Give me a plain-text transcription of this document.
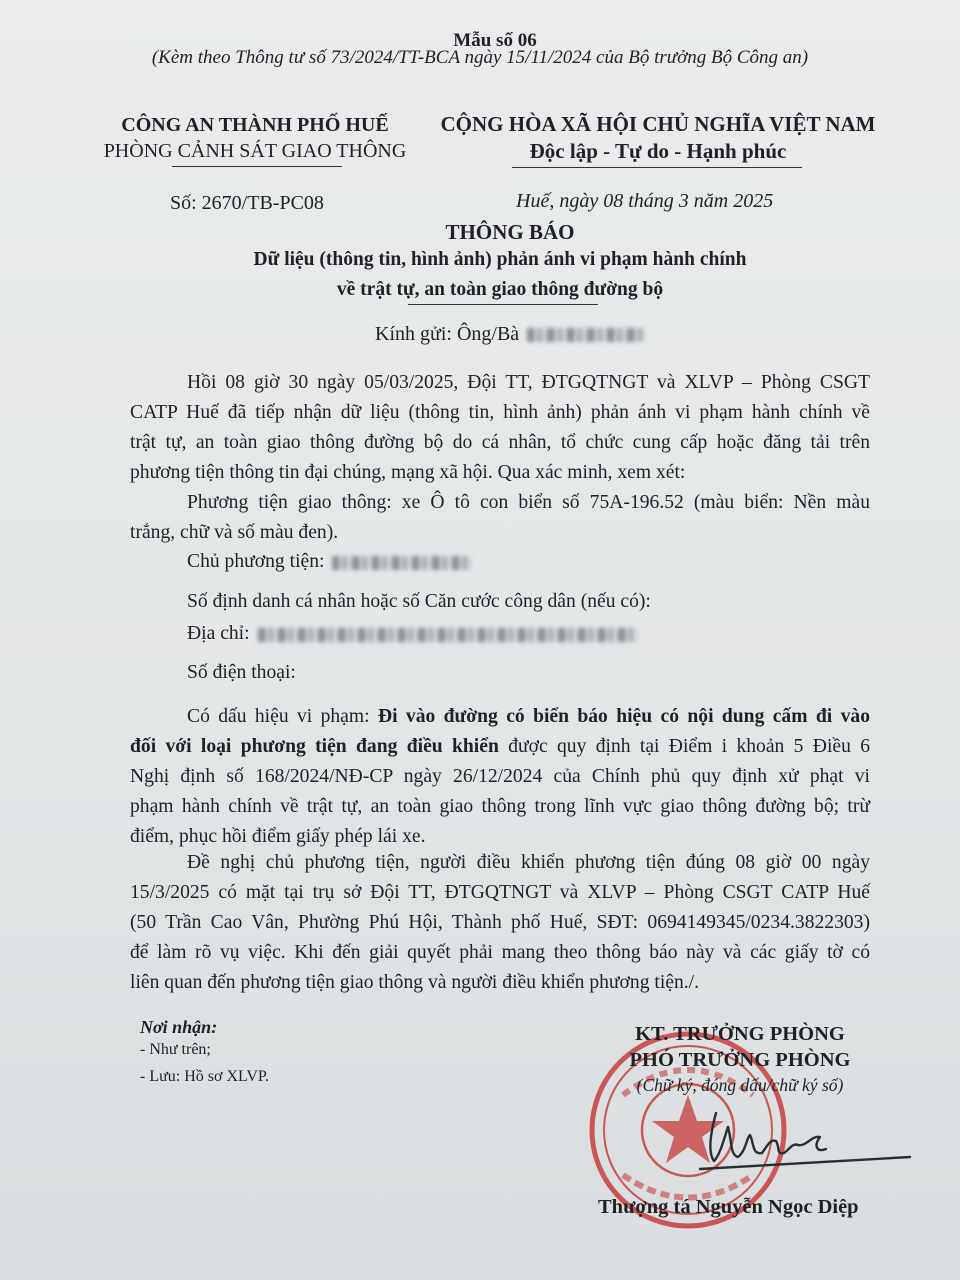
Mẫu số 06
(Kèm theo Thông tư số 73/2024/TT-BCA ngày 15/11/2024 của Bộ trưởng Bộ Công an)
CÔNG AN THÀNH PHỐ HUẾ
PHÒNG CẢNH SÁT GIAO THÔNG
CỘNG HÒA XÃ HỘI CHỦ NGHĨA VIỆT NAM
Độc lập - Tự do - Hạnh phúc
Số: 2670/TB-PC08	Huế, ngày 08 tháng 3 năm 2025
THÔNG BÁO
Dữ liệu (thông tin, hình ảnh) phản ánh vi phạm hành chính
về trật tự, an toàn giao thông đường bộ
Kính gửi: Ông/Bà

Hồi 08 giờ 30 ngày 05/03/2025, Đội TT, ĐTGQTNGT và XLVP – Phòng CSGT

CATP Huế đã tiếp nhận dữ liệu (thông tin, hình ảnh) phản ánh vi phạm hành chính về

trật tự, an toàn giao thông đường bộ do cá nhân, tổ chức cung cấp hoặc đăng tải trên

phương tiện thông tin đại chúng, mạng xã hội. Qua xác minh, xem xét:

Phương tiện giao thông: xe Ô tô con biển số 75A-196.52 (màu biển: Nền màu

trắng, chữ và số màu đen).

Chủ phương tiện:
Số định danh cá nhân hoặc số Căn cước công dân (nếu có):
Địa chỉ:
Số điện thoại:

Có dấu hiệu vi phạm: Đi vào đường có biển báo hiệu có nội dung cấm đi vào

đối với loại phương tiện đang điều khiển được quy định tại Điểm i khoản 5 Điều 6

Nghị định số 168/2024/NĐ-CP ngày 26/12/2024 của Chính phủ quy định xử phạt vi

phạm hành chính về trật tự, an toàn giao thông trong lĩnh vực giao thông đường bộ; trừ

điểm, phục hồi điểm giấy phép lái xe.

Đề nghị chủ phương tiện, người điều khiển phương tiện đúng 08 giờ 00 ngày

15/3/2025 có mặt tại trụ sở Đội TT, ĐTGQTNGT và XLVP – Phòng CSGT CATP Huế

(50 Trần Cao Vân, Phường Phú Hội, Thành phố Huế, SĐT: 0694149345/0234.3822303)

để làm rõ vụ việc. Khi đến giải quyết phải mang theo thông báo này và các giấy tờ có

liên quan đến phương tiện giao thông và người điều khiển phương tiện./.

Nơi nhận:
- Như trên;
- Lưu: Hồ sơ XLVP.
KT. TRƯỞNG PHÒNG
PHÓ TRƯỞNG PHÒNG
(Chữ ký, đóng dấu/chữ ký số)
Thượng tá Nguyễn Ngọc Diệp
